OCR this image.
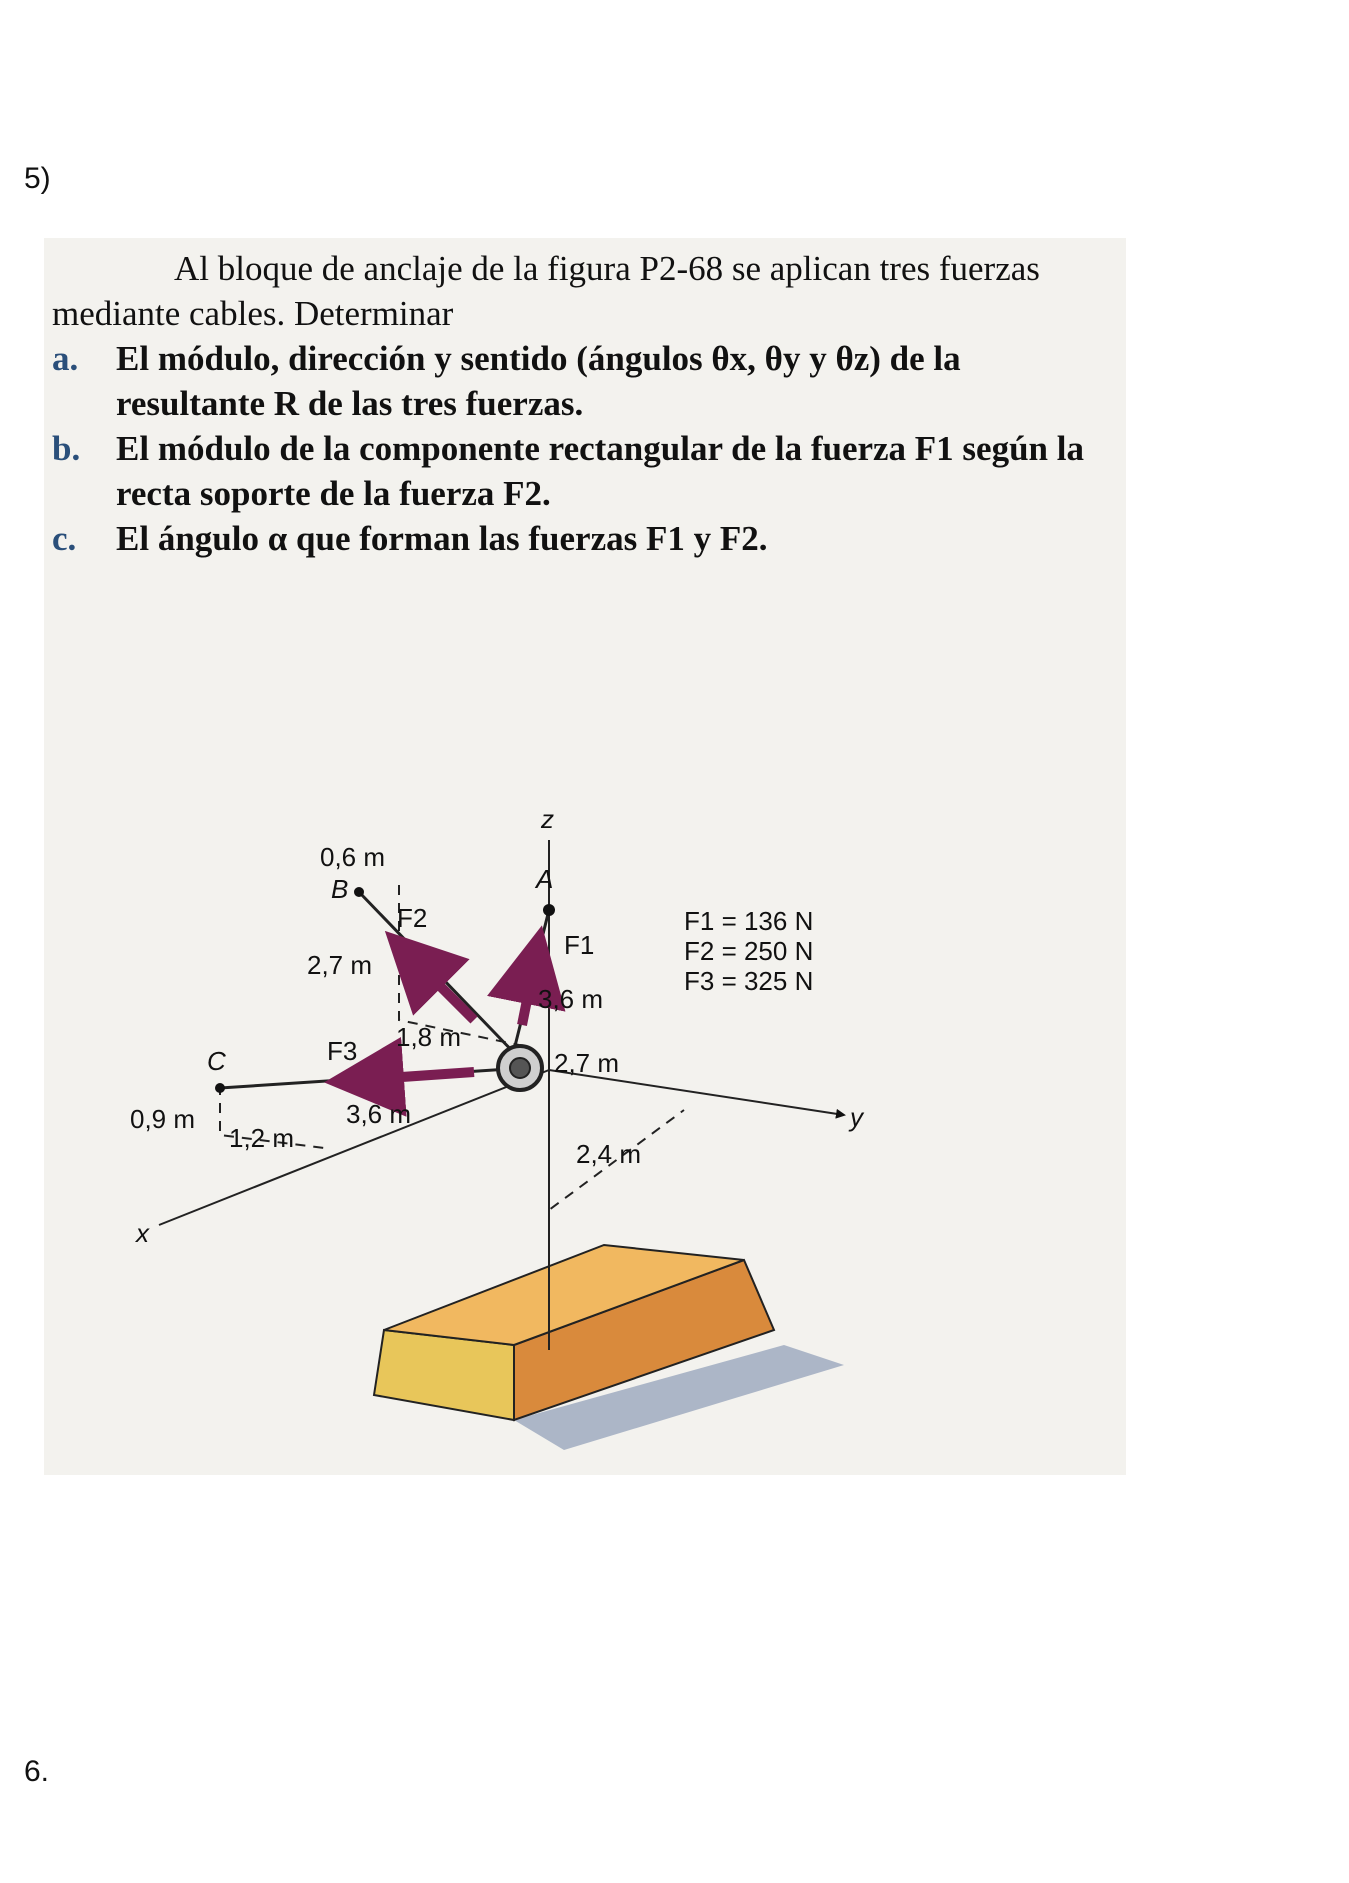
5)

Al bloque de anclaje de la figura P2-68 se aplican tres fuerzas mediante cables. Determinar

a. El módulo, dirección y sentido (ángulos θx, θy y θz) de la resultante R de las tres fuerzas.
b. El módulo de la componente rectangular de la fuerza F1 según la recta soporte de la fuerza F2.
c. El ángulo α que forman las fuerzas F1 y F2.
z
y
x
B	A
C
F2
F1
F3
0,6 m
2,7 m
1,8 m
3,6 m
2,7 m
3,6 m
0,9 m
1,2 m
2,4 m
F1 = 136 N
F2 = 250 N
F3 = 325 N
6.
